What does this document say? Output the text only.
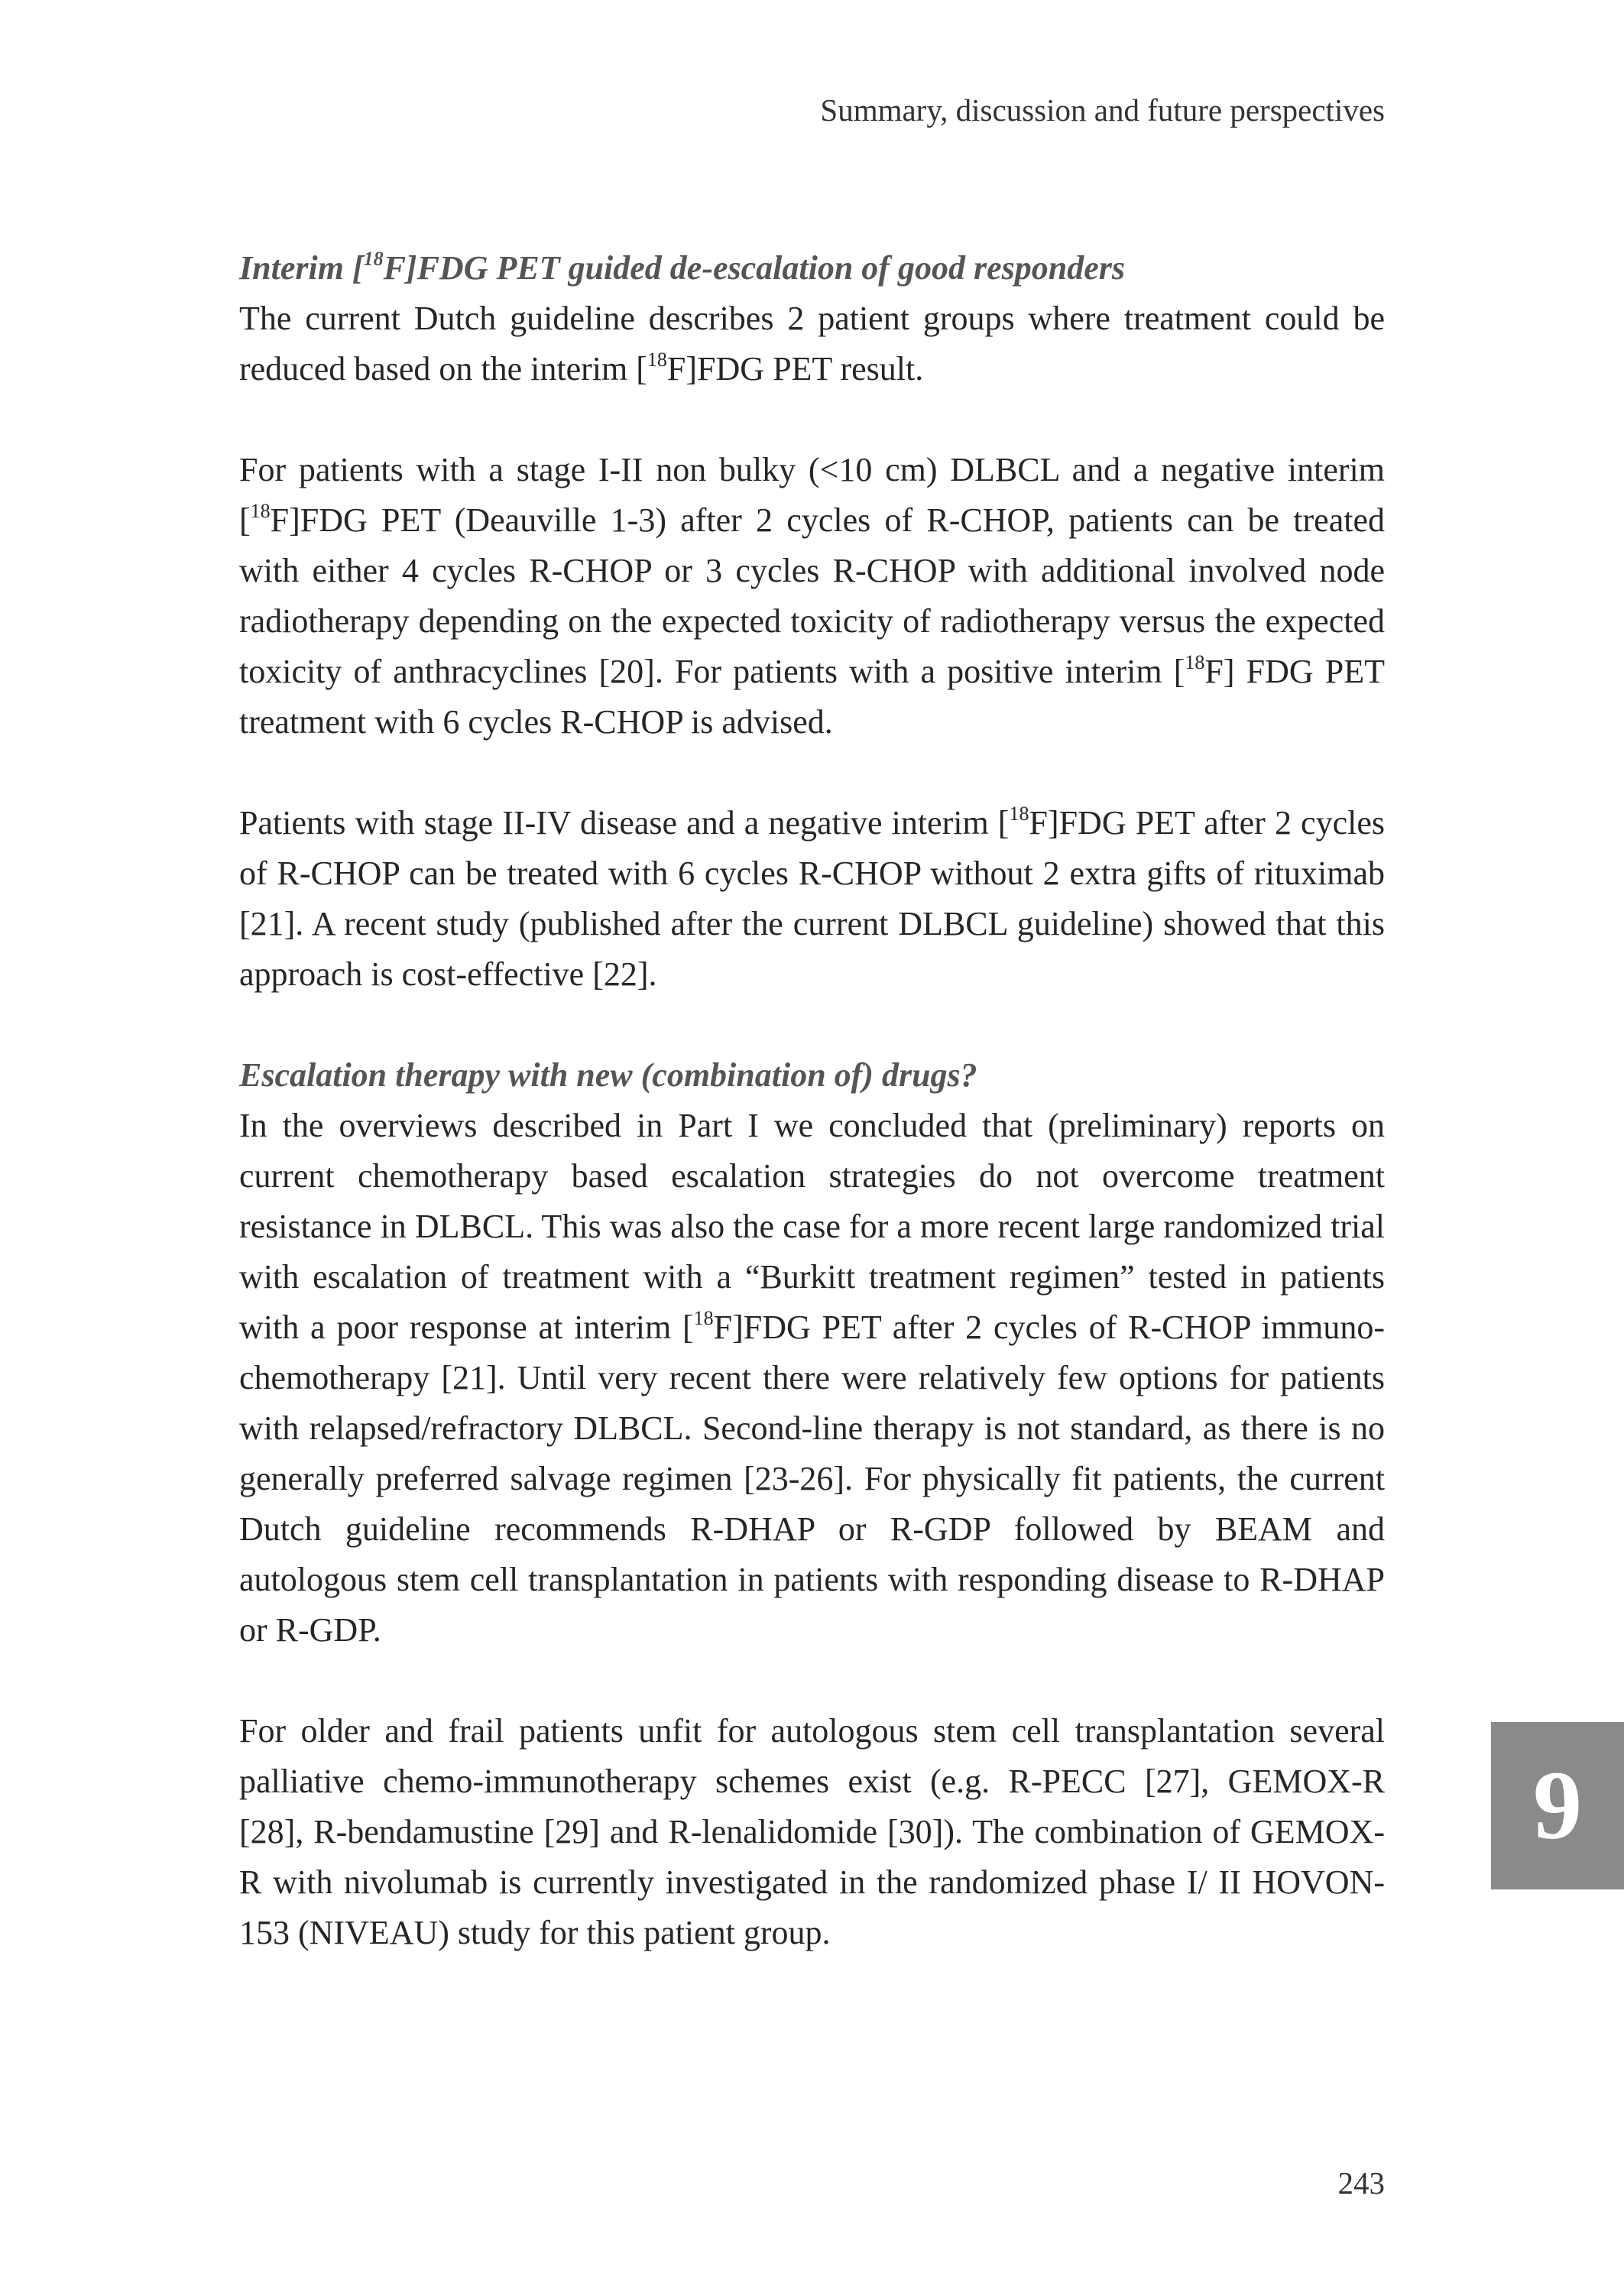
Summary, discussion and future perspectives

Interim [$^{18}$F]FDG PET guided de-escalation of good responders

The current Dutch guideline describes 2 patient groups where treatment could be reduced based on the interim [$^{18}$F]FDG PET result.

For patients with a stage I-II non bulky (<10 cm) DLBCL and a negative interim [$^{18}$F]FDG PET (Deauville 1-3) after 2 cycles of R-CHOP, patients can be treated with either 4 cycles R-CHOP or 3 cycles R-CHOP with additional involved node radiotherapy depending on the expected toxicity of radiotherapy versus the expected toxicity of anthracyclines [20]. For patients with a positive interim [$^{18}$F] FDG PET treatment with 6 cycles R-CHOP is advised.

Patients with stage II-IV disease and a negative interim [$^{18}$F]FDG PET after 2 cycles of R-CHOP can be treated with 6 cycles R-CHOP without 2 extra gifts of rituximab [21]. A recent study (published after the current DLBCL guideline) showed that this approach is cost-effective [22].

Escalation therapy with new (combination of) drugs?

In the overviews described in Part I we concluded that (preliminary) reports on current chemotherapy based escalation strategies do not overcome treatment resistance in DLBCL. This was also the case for a more recent large randomized trial with escalation of treatment with a “Burkitt treatment regimen” tested in patients with a poor response at interim [$^{18}$F]FDG PET after 2 cycles of R-CHOP immuno-chemotherapy [21]. Until very recent there were relatively few options for patients with relapsed/refractory DLBCL. Second-line therapy is not standard, as there is no generally preferred salvage regimen [23-26]. For physically fit patients, the current Dutch guideline recommends R-DHAP or R-GDP followed by BEAM and autologous stem cell transplantation in patients with responding disease to R-DHAP or R-GDP.

For older and frail patients unfit for autologous stem cell transplantation several palliative chemo-immunotherapy schemes exist (e.g. R-PECC [27], GEMOX-R [28], R-bendamustine [29] and R-lenalidomide [30]). The combination of GEMOX-R with nivolumab is currently investigated in the randomized phase I/ II HOVON-153 (NIVEAU) study for this patient group.

9
243
